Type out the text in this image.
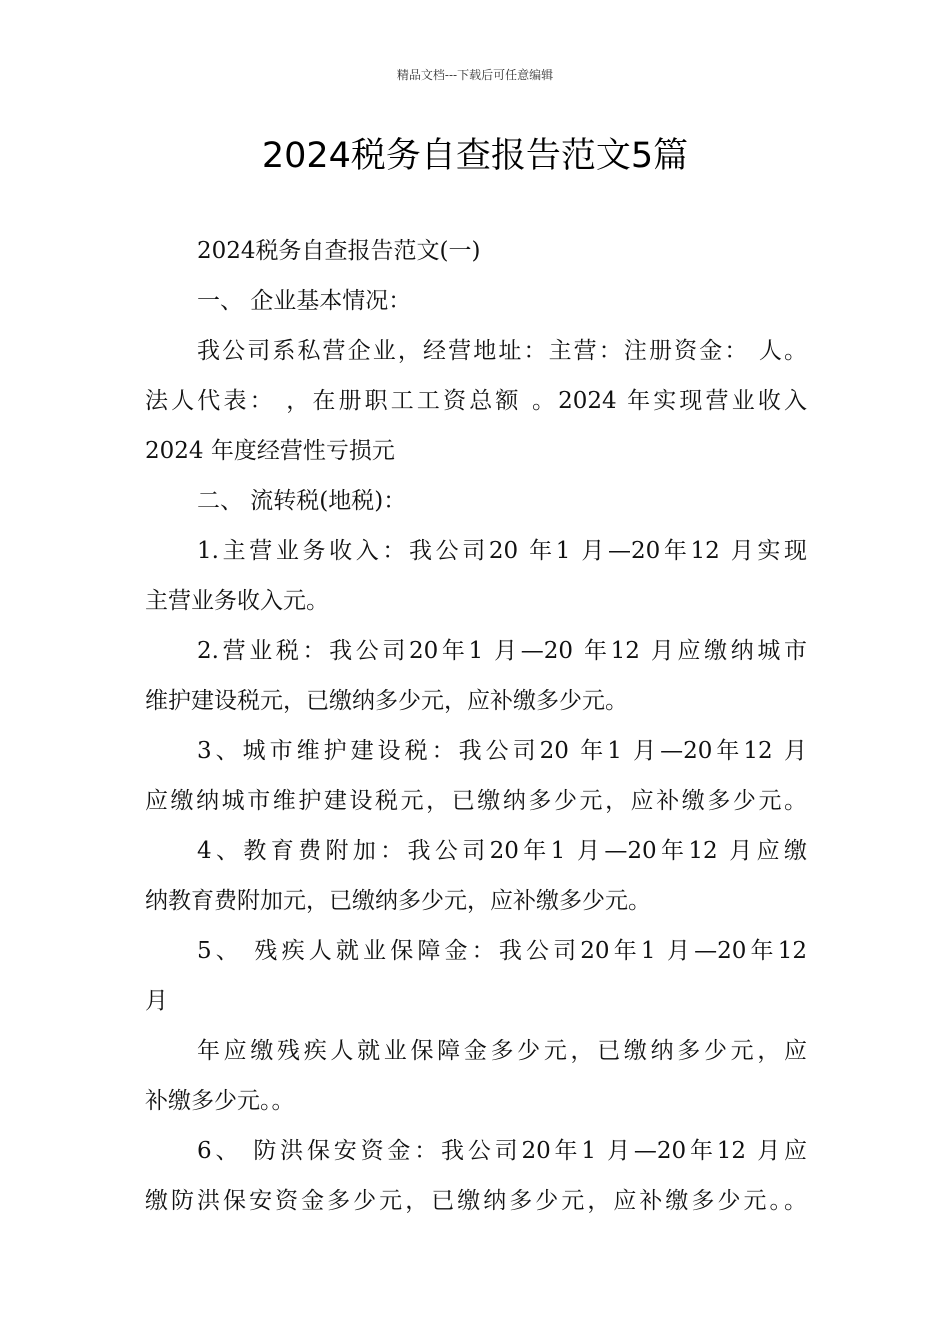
精品文档---下载后可任意编辑
2024税务自查报告范文5篇

2024税务自查报告范文(一)

一、 企业基本情况：

我公司系私营企业，经营地址：主营：注册资金： 人。

法人代表： ，在册职工工资总额 。2024 年实现营业收入

2024 年度经营性亏损元

二、 流转税(地税)：

1.主营业务收入：我公司20 年1 月—20年12 月实现

主营业务收入元。

2.营业税：我公司20年1 月—20 年12 月应缴纳城市

维护建设税元，已缴纳多少元，应补缴多少元。

3、城市维护建设税：我公司20 年1 月—20年12 月

应缴纳城市维护建设税元，已缴纳多少元，应补缴多少元。

4、教育费附加：我公司20年1 月—20年12 月应缴

纳教育费附加元，已缴纳多少元，应补缴多少元。

5、 残疾人就业保障金：我公司20年1 月—20年12

月

年应缴残疾人就业保障金多少元，已缴纳多少元，应

补缴多少元。。

6、 防洪保安资金：我公司20年1 月—20年12 月应

缴防洪保安资金多少元，已缴纳多少元，应补缴多少元。。
